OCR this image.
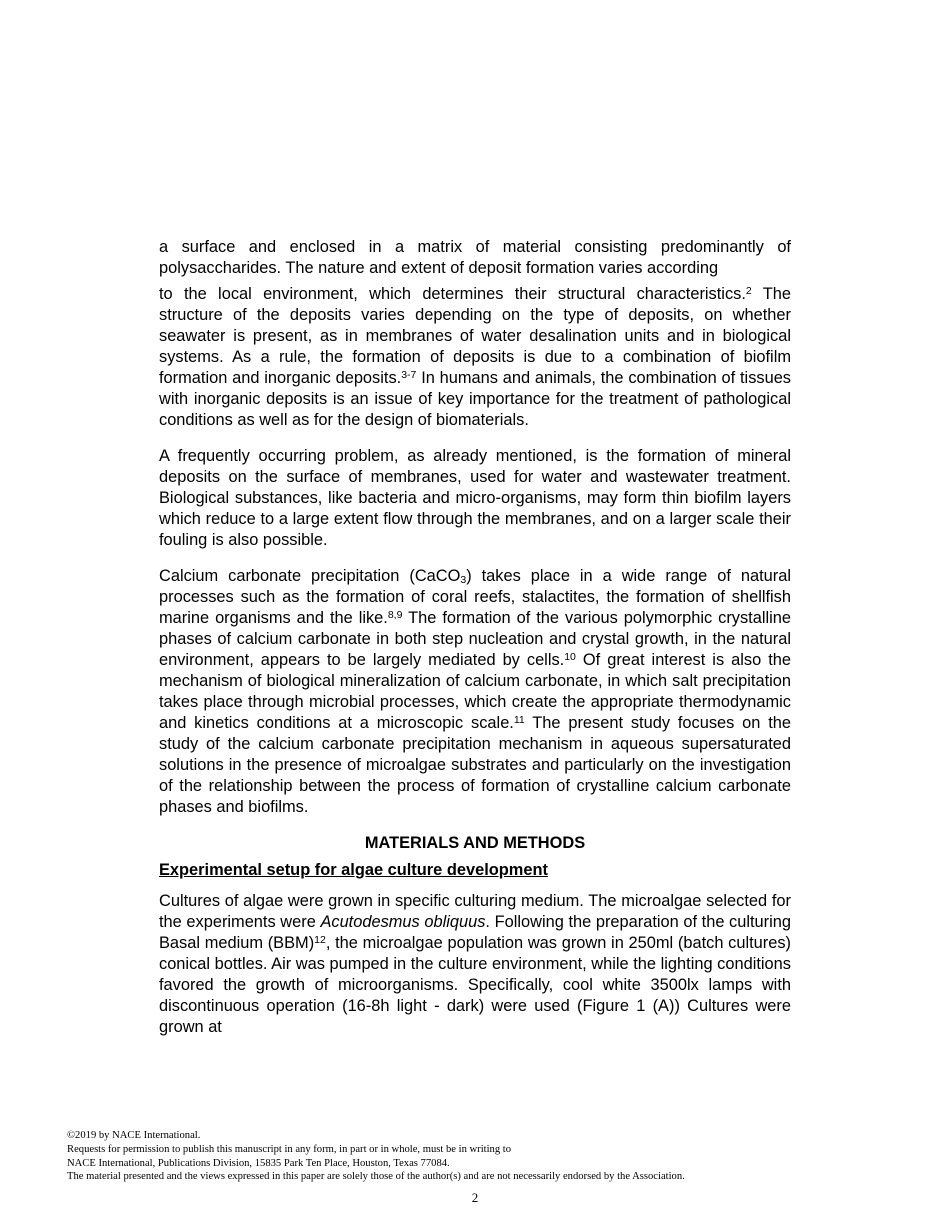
a surface and enclosed in a matrix of material consisting predominantly of polysaccharides. The nature and extent of deposit formation varies according

to the local environment, which determines their structural characteristics.$^2$ The structure of the deposits varies depending on the type of deposits, on whether seawater is present, as in membranes of water desalination units and in biological systems. As a rule, the formation of deposits is due to a combination of biofilm formation and inorganic deposits.$^{3-7}$ In humans and animals, the combination of tissues with inorganic deposits is an issue of key importance for the treatment of pathological conditions as well as for the design of biomaterials.

A frequently occurring problem, as already mentioned, is the formation of mineral deposits on the surface of membranes, used for water and wastewater treatment. Biological substances, like bacteria and micro-organisms, may form thin biofilm layers which reduce to a large extent flow through the membranes, and on a larger scale their fouling is also possible.

Calcium carbonate precipitation (CaCO$_3$) takes place in a wide range of natural processes such as the formation of coral reefs, stalactites, the formation of shellfish marine organisms and the like.$^{8,9}$ The formation of the various polymorphic crystalline phases of calcium carbonate in both step nucleation and crystal growth, in the natural environment, appears to be largely mediated by cells.$^{10}$ Of great interest is also the mechanism of biological mineralization of calcium carbonate, in which salt precipitation takes place through microbial processes, which create the appropriate thermodynamic and kinetics conditions at a microscopic scale.$^{11}$ The present study focuses on the study of the calcium carbonate precipitation mechanism in aqueous supersaturated solutions in the presence of microalgae substrates and particularly on the investigation of the relationship between the process of formation of crystalline calcium carbonate phases and biofilms.

MATERIALS AND METHODS
Experimental setup for algae culture development

Cultures of algae were grown in specific culturing medium. The microalgae selected for the experiments were Acutodesmus obliquus. Following the preparation of the culturing Basal medium (BBM)$^{12}$, the microalgae population was grown in 250ml (batch cultures) conical bottles. Air was pumped in the culture environment, while the lighting conditions favored the growth of microorganisms. Specifically, cool white 3500lx lamps with discontinuous operation (16-8h light - dark) were used (Figure 1 (A)) Cultures were grown at

©2019 by NACE International.
Requests for permission to publish this manuscript in any form, in part or in whole, must be in writing to
NACE International, Publications Division, 15835 Park Ten Place, Houston, Texas 77084.
The material presented and the views expressed in this paper are solely those of the author(s) and are not necessarily endorsed by the Association.
2
